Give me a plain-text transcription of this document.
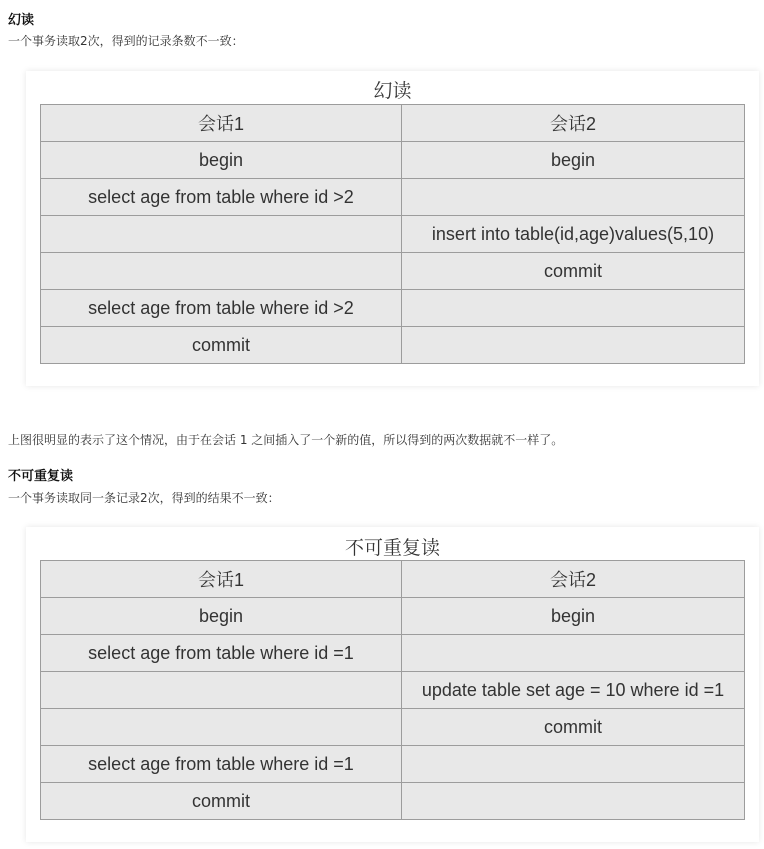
幻读
一个事务读取2次，得到的记录条数不一致：
幻读
会话1	会话2
begin	begin
select age from table where id >2	
	insert into table(id,age)values(5,10)
	commit
select age from table where id >2	
commit	
上图很明显的表示了这个情况，由于在会话 1 之间插入了一个新的值，所以得到的两次数据就不一样了。
不可重复读
一个事务读取同一条记录2次，得到的结果不一致：
不可重复读
会话1	会话2
begin	begin
select age from table where id =1	
	update table set age = 10 where id =1
	commit
select age from table where id =1	
commit	
